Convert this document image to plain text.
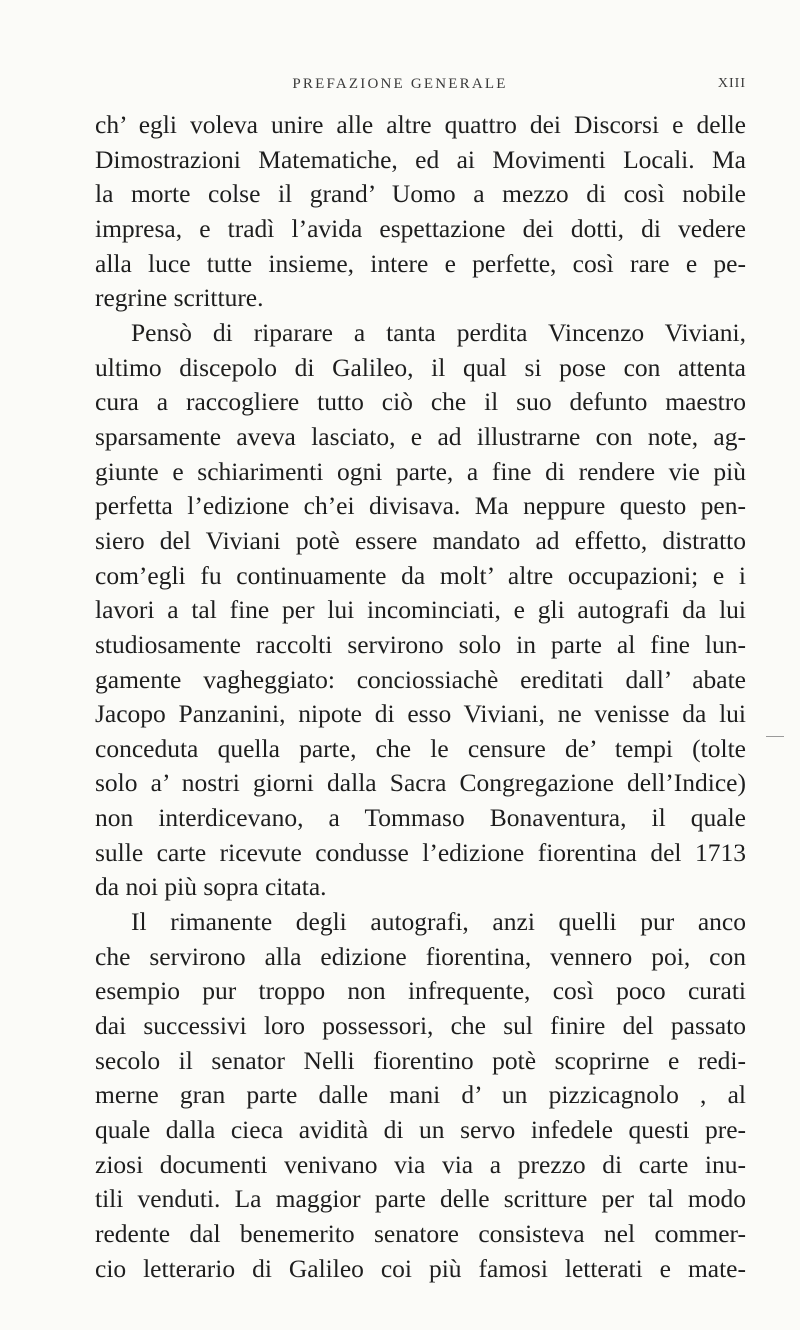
PREFAZIONE GENERALE	XIII
ch’ egli voleva unire alle altre quattro dei Discorsi e delle
Dimostrazioni Matematiche, ed ai Movimenti Locali. Ma
la morte colse il grand’ Uomo a mezzo di così nobile
impresa, e tradì l’avida espettazione dei dotti, di vedere
alla luce tutte insieme, intere e perfette, così rare e pe-
regrine scritture.
Pensò di riparare a tanta perdita Vincenzo Viviani,
ultimo discepolo di Galileo, il qual si pose con attenta
cura a raccogliere tutto ciò che il suo defunto maestro
sparsamente aveva lasciato, e ad illustrarne con note, ag-
giunte e schiarimenti ogni parte, a fine di rendere vie più
perfetta l’edizione ch’ei divisava. Ma neppure questo pen-
siero del Viviani potè essere mandato ad effetto, distratto
com’egli fu continuamente da molt’ altre occupazioni; e i
lavori a tal fine per lui incominciati, e gli autografi da lui
studiosamente raccolti servirono solo in parte al fine lun-
gamente vagheggiato: conciossiachè ereditati dall’ abate
Jacopo Panzanini, nipote di esso Viviani, ne venisse da lui
conceduta quella parte, che le censure de’ tempi (tolte
solo a’ nostri giorni dalla Sacra Congregazione dell’Indice)
non interdicevano, a Tommaso Bonaventura, il quale
sulle carte ricevute condusse l’edizione fiorentina del 1713
da noi più sopra citata.
Il rimanente degli autografi, anzi quelli pur anco
che servirono alla edizione fiorentina, vennero poi, con
esempio pur troppo non infrequente, così poco curati
dai successivi loro possessori, che sul finire del passato
secolo il senator Nelli fiorentino potè scoprirne e redi-
merne gran parte dalle mani d’ un pizzicagnolo , al
quale dalla cieca avidità di un servo infedele questi pre-
ziosi documenti venivano via via a prezzo di carte inu-
tili venduti. La maggior parte delle scritture per tal modo
redente dal benemerito senatore consisteva nel commer-
cio letterario di Galileo coi più famosi letterati e mate-
